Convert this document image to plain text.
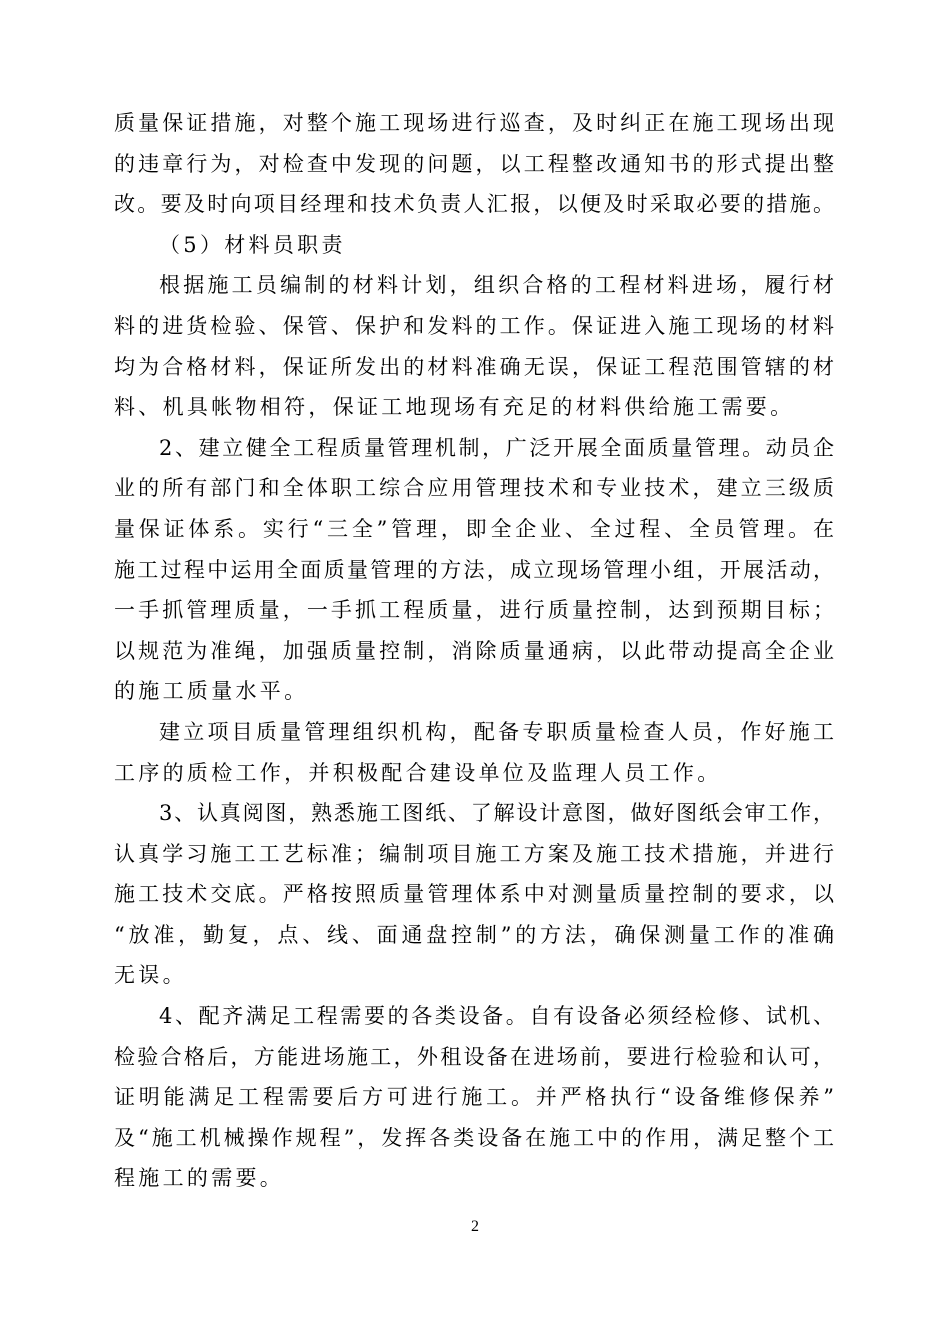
质量保证措施，对整个施工现场进行巡查，及时纠正在施工现场出现
的违章行为，对检查中发现的问题，以工程整改通知书的形式提出整
改。要及时向项目经理和技术负责人汇报，以便及时采取必要的措施。
（5）材料员职责
根据施工员编制的材料计划，组织合格的工程材料进场，履行材
料的进货检验、保管、保护和发料的工作。保证进入施工现场的材料
均为合格材料，保证所发出的材料准确无误，保证工程范围管辖的材
料、机具帐物相符，保证工地现场有充足的材料供给施工需要。
2、建立健全工程质量管理机制，广泛开展全面质量管理。动员企
业的所有部门和全体职工综合应用管理技术和专业技术，建立三级质
量保证体系。实行“三全”管理，即全企业、全过程、全员管理。在
施工过程中运用全面质量管理的方法，成立现场管理小组，开展活动，
一手抓管理质量，一手抓工程质量，进行质量控制，达到预期目标；
以规范为准绳，加强质量控制，消除质量通病，以此带动提高全企业
的施工质量水平。
建立项目质量管理组织机构，配备专职质量检查人员，作好施工
工序的质检工作，并积极配合建设单位及监理人员工作。
3、认真阅图，熟悉施工图纸、了解设计意图，做好图纸会审工作，
认真学习施工工艺标准；编制项目施工方案及施工技术措施，并进行
施工技术交底。严格按照质量管理体系中对测量质量控制的要求，以
“放准，勤复，点、线、面通盘控制”的方法，确保测量工作的准确
无误。
4、配齐满足工程需要的各类设备。自有设备必须经检修、试机、
检验合格后，方能进场施工，外租设备在进场前，要进行检验和认可，
证明能满足工程需要后方可进行施工。并严格执行“设备维修保养”
及“施工机械操作规程”，发挥各类设备在施工中的作用，满足整个工
程施工的需要。
2
